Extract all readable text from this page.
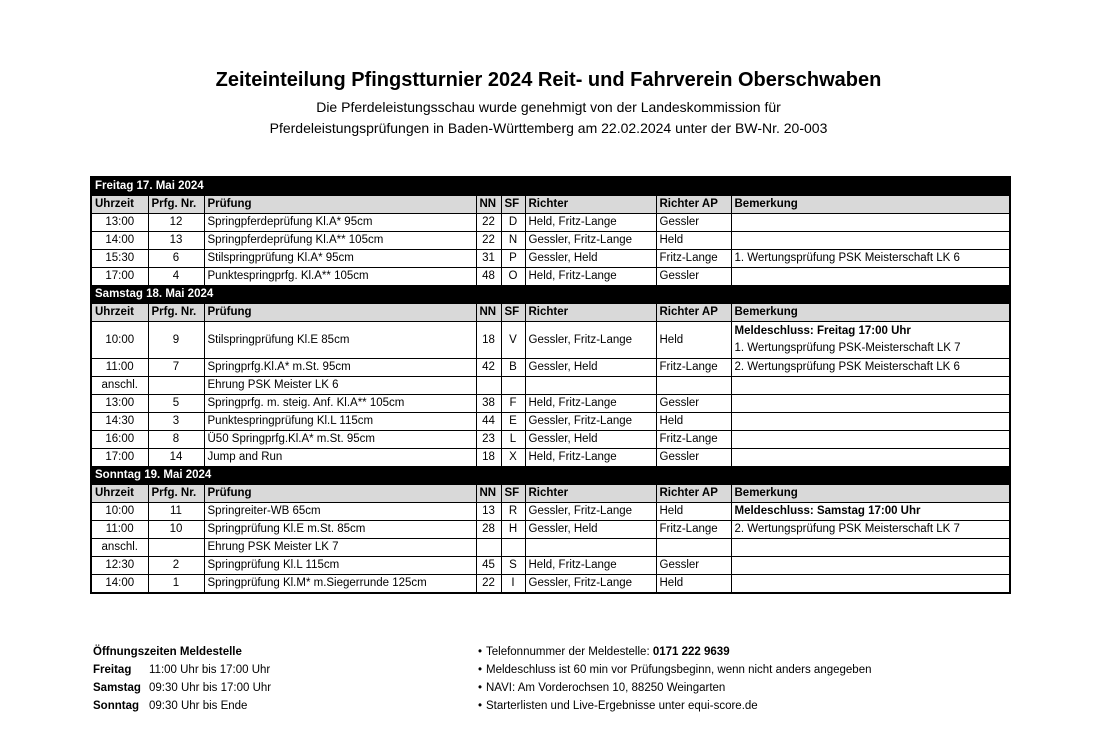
Zeiteinteilung Pfingstturnier 2024 Reit- und Fahrverein Oberschwaben
Die Pferdeleistungsschau wurde genehmigt von der Landeskommission für
Pferdeleistungsprüfungen in Baden-Württemberg am 22.02.2024 unter der BW-Nr. 20-003
Freitag 17. Mai 2024							
Uhrzeit	Prfg. Nr.	Prüfung	NN	SF	Richter	Richter AP	Bemerkung
13:00	12	Springpferdeprüfung Kl.A* 95cm	22	D	Held, Fritz-Lange	Gessler	
14:00	13	Springpferdeprüfung Kl.A** 105cm	22	N	Gessler, Fritz-Lange	Held	
15:30	6	Stilspringprüfung Kl.A* 95cm	31	P	Gessler, Held	Fritz-Lange	1. Wertungsprüfung PSK Meisterschaft LK 6
17:00	4	Punktespringprfg. Kl.A** 105cm	48	O	Held, Fritz-Lange	Gessler	
Samstag 18. Mai 2024							
Uhrzeit	Prfg. Nr.	Prüfung	NN	SF	Richter	Richter AP	Bemerkung
10:00	9	Stilspringprüfung Kl.E 85cm	18	V	Gessler, Fritz-Lange	Held	Meldeschluss: Freitag 17:00 Uhr
1. Wertungsprüfung PSK-Meisterschaft LK 7

11:00	7	Springprfg.Kl.A* m.St. 95cm	42	B	Gessler, Held	Fritz-Lange	2. Wertungsprüfung PSK Meisterschaft LK 6
anschl.		Ehrung PSK Meister LK 6					
13:00	5	Springprfg. m. steig. Anf. Kl.A** 105cm	38	F	Held, Fritz-Lange	Gessler	
14:30	3	Punktespringprüfung Kl.L 115cm	44	E	Gessler, Fritz-Lange	Held	
16:00	8	Ü50 Springprfg.Kl.A* m.St. 95cm	23	L	Gessler, Held	Fritz-Lange	
17:00	14	Jump and Run	18	X	Held, Fritz-Lange	Gessler	
Sonntag 19. Mai 2024							
Uhrzeit	Prfg. Nr.	Prüfung	NN	SF	Richter	Richter AP	Bemerkung
10:00	11	Springreiter-WB 65cm	13	R	Gessler, Fritz-Lange	Held	Meldeschluss: Samstag 17:00 Uhr
11:00	10	Springprüfung Kl.E m.St. 85cm	28	H	Gessler, Held	Fritz-Lange	2. Wertungsprüfung PSK Meisterschaft LK 7
anschl.		Ehrung PSK Meister LK 7					
12:30	2	Springprüfung Kl.L 115cm	45	S	Held, Fritz-Lange	Gessler	
14:00	1	Springprüfung Kl.M* m.Siegerrunde 125cm	22	I	Gessler, Fritz-Lange	Held	
Öffnungszeiten Meldestelle
Freitag 11:00 Uhr bis 17:00 Uhr
Samstag 09:30 Uhr bis 17:00 Uhr
Sonntag 09:30 Uhr bis Ende
• Telefonnummer der Meldestelle: 0171 222 9639
• Meldeschluss ist 60 min vor Prüfungsbeginn, wenn nicht anders angegeben
• NAVI: Am Vorderochsen 10, 88250 Weingarten
• Starterlisten und Live-Ergebnisse unter equi-score.de
